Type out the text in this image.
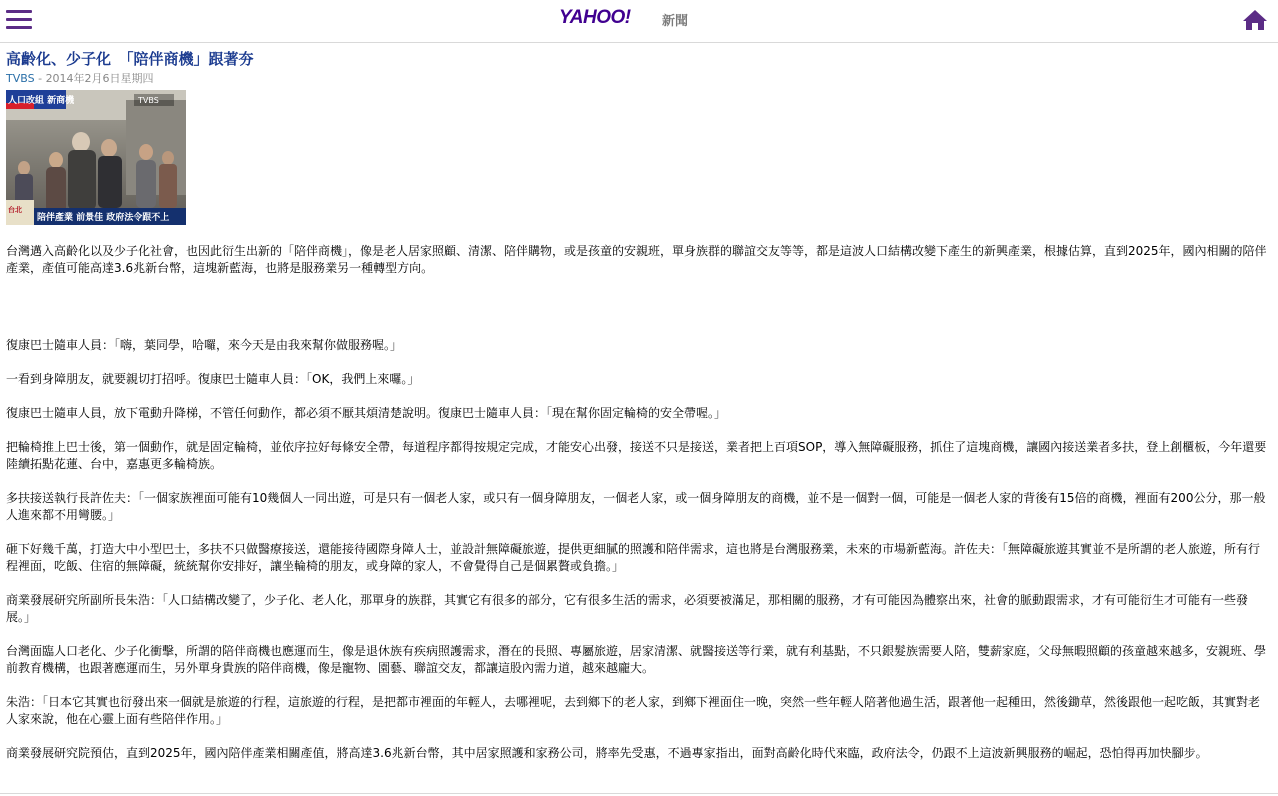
YAHOO! 新聞
高齡化、少子化　「陪伴商機」跟著夯
TVBS - 2014年2月6日星期四
人口改組 新商機	TVBS
台北
陪伴產業 前景佳 政府法令跟不上

台灣邁入高齡化以及少子化社會，也因此衍生出新的「陪伴商機」，像是老人居家照顧、清潔、陪伴購物，或是孩童的安親班，單身族群的聯誼交友等等，都是這波人口結構改變下產生的新興產業，根據估算，直到2025年，國內相關的陪伴產業，產值可能高達3.6兆新台幣，這塊新藍海，也將是服務業另一種轉型方向。

復康巴士隨車人員：「嗨，葉同學，哈囉，來今天是由我來幫你做服務喔。」

一看到身障朋友，就要親切打招呼。復康巴士隨車人員：「OK，我們上來囉。」

復康巴士隨車人員，放下電動升降梯，不管任何動作，都必須不厭其煩清楚說明。復康巴士隨車人員：「現在幫你固定輪椅的安全帶喔。」

把輪椅推上巴士後，第一個動作，就是固定輪椅，並依序拉好每條安全帶，每道程序都得按規定完成，才能安心出發，接送不只是接送，業者把上百項SOP，導入無障礙服務，抓住了這塊商機，讓國內接送業者多扶，登上創櫃板，今年還要陸續拓點花蓮、台中，嘉惠更多輪椅族。

多扶接送執行長許佐夫：「一個家族裡面可能有10幾個人一同出遊，可是只有一個老人家，或只有一個身障朋友，一個老人家，或一個身障朋友的商機，並不是一個對一個，可能是一個老人家的背後有15倍的商機，裡面有200公分，那一般人進來都不用彎腰。」

砸下好幾千萬，打造大中小型巴士，多扶不只做醫療接送，還能接待國際身障人士，並設計無障礙旅遊，提供更細膩的照護和陪伴需求，這也將是台灣服務業，未來的市場新藍海。許佐夫：「無障礙旅遊其實並不是所謂的老人旅遊，所有行程裡面，吃飯、住宿的無障礙，統統幫你安排好，讓坐輪椅的朋友，或身障的家人，不會覺得自己是個累贅或負擔。」

商業發展研究所副所長朱浩：「人口結構改變了，少子化、老人化，那單身的族群，其實它有很多的部分，它有很多生活的需求，必須要被滿足，那相關的服務，才有可能因為體察出來，社會的脈動跟需求，才有可能衍生才可能有一些發展。」

台灣面臨人口老化、少子化衝擊，所謂的陪伴商機也應運而生，像是退休族有疾病照護需求，潛在的長照、專屬旅遊，居家清潔、就醫接送等行業，就有利基點，不只銀髮族需要人陪，雙薪家庭，父母無暇照顧的孩童越來越多，安親班、學前教育機構，也跟著應運而生，另外單身貴族的陪伴商機，像是寵物、園藝、聯誼交友，都讓這股內需力道，越來越龐大。

朱浩：「日本它其實也衍發出來一個就是旅遊的行程，這旅遊的行程，是把都市裡面的年輕人，去哪裡呢，去到鄉下的老人家，到鄉下裡面住一晚，突然一些年輕人陪著他過生活，跟著他一起種田，然後鋤草，然後跟他一起吃飯，其實對老人家來說，他在心靈上面有些陪伴作用。」

商業發展研究院預估，直到2025年，國內陪伴產業相關產值，將高達3.6兆新台幣，其中居家照護和家務公司，將率先受惠，不過專家指出，面對高齡化時代來臨，政府法令，仍跟不上這波新興服務的崛起，恐怕得再加快腳步。
